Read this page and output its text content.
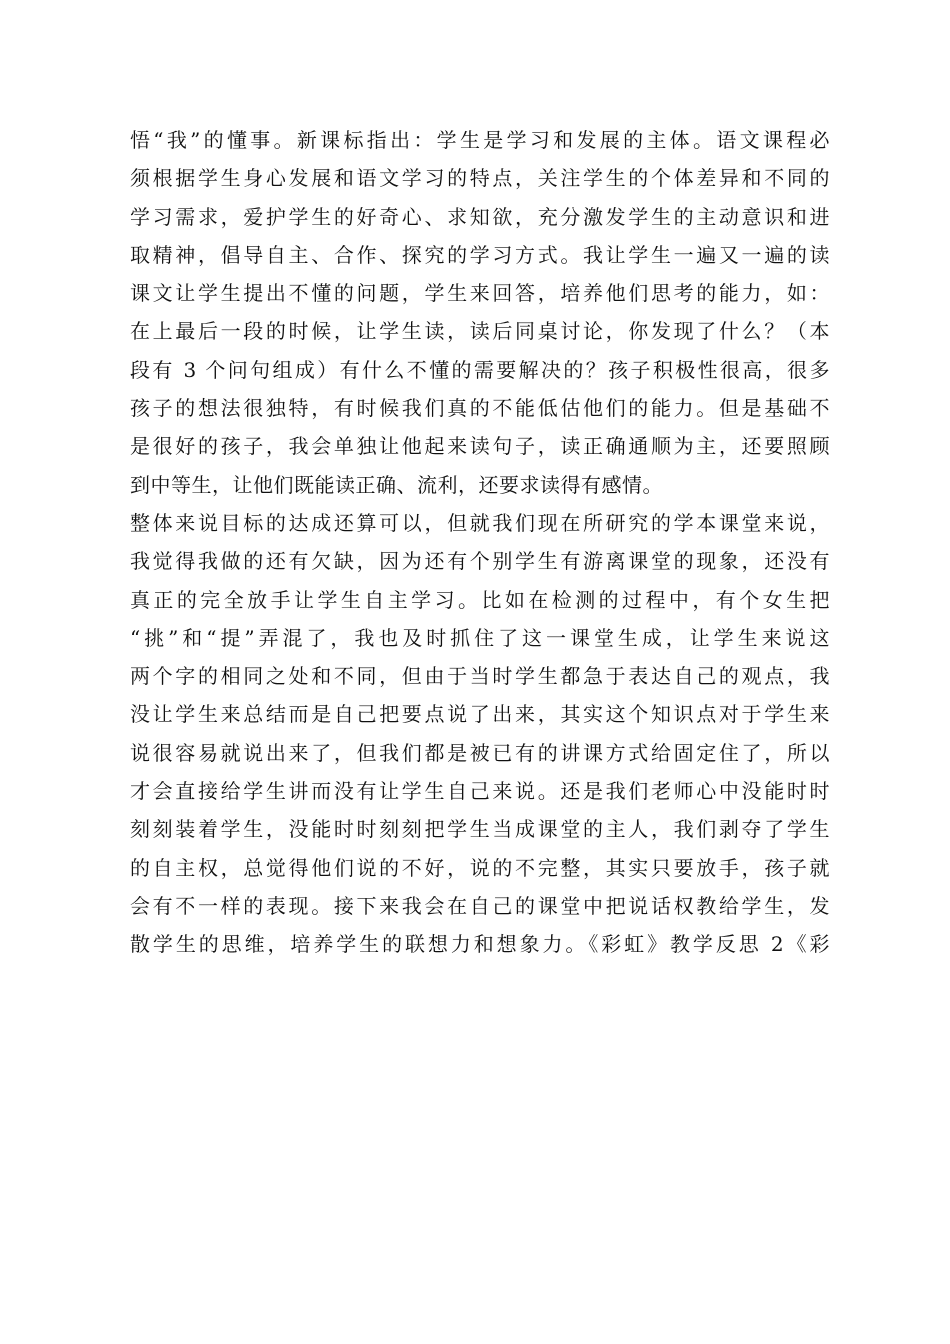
悟“我”的懂事。新课标指出：学生是学习和发展的主体。语文课程必
须根据学生身心发展和语文学习的特点，关注学生的个体差异和不同的
学习需求，爱护学生的好奇心、求知欲，充分激发学生的主动意识和进
取精神，倡导自主、合作、探究的学习方式。我让学生一遍又一遍的读
课文让学生提出不懂的问题，学生来回答，培养他们思考的能力，如：
在上最后一段的时候，让学生读，读后同桌讨论，你发现了什么？（本
段有 3 个问句组成）有什么不懂的需要解决的？孩子积极性很高，很多
孩子的想法很独特，有时候我们真的不能低估他们的能力。但是基础不
是很好的孩子，我会单独让他起来读句子，读正确通顺为主，还要照顾
到中等生，让他们既能读正确、流利，还要求读得有感情。
整体来说目标的达成还算可以，但就我们现在所研究的学本课堂来说，
我觉得我做的还有欠缺，因为还有个别学生有游离课堂的现象，还没有
真正的完全放手让学生自主学习。比如在检测的过程中，有个女生把
“挑”和“提”弄混了，我也及时抓住了这一课堂生成，让学生来说这
两个字的相同之处和不同，但由于当时学生都急于表达自己的观点，我
没让学生来总结而是自己把要点说了出来，其实这个知识点对于学生来
说很容易就说出来了，但我们都是被已有的讲课方式给固定住了，所以
才会直接给学生讲而没有让学生自己来说。还是我们老师心中没能时时
刻刻装着学生，没能时时刻刻把学生当成课堂的主人，我们剥夺了学生
的自主权，总觉得他们说的不好，说的不完整，其实只要放手，孩子就
会有不一样的表现。接下来我会在自己的课堂中把说话权教给学生，发
散学生的思维，培养学生的联想力和想象力。《彩虹》教学反思 2《彩
